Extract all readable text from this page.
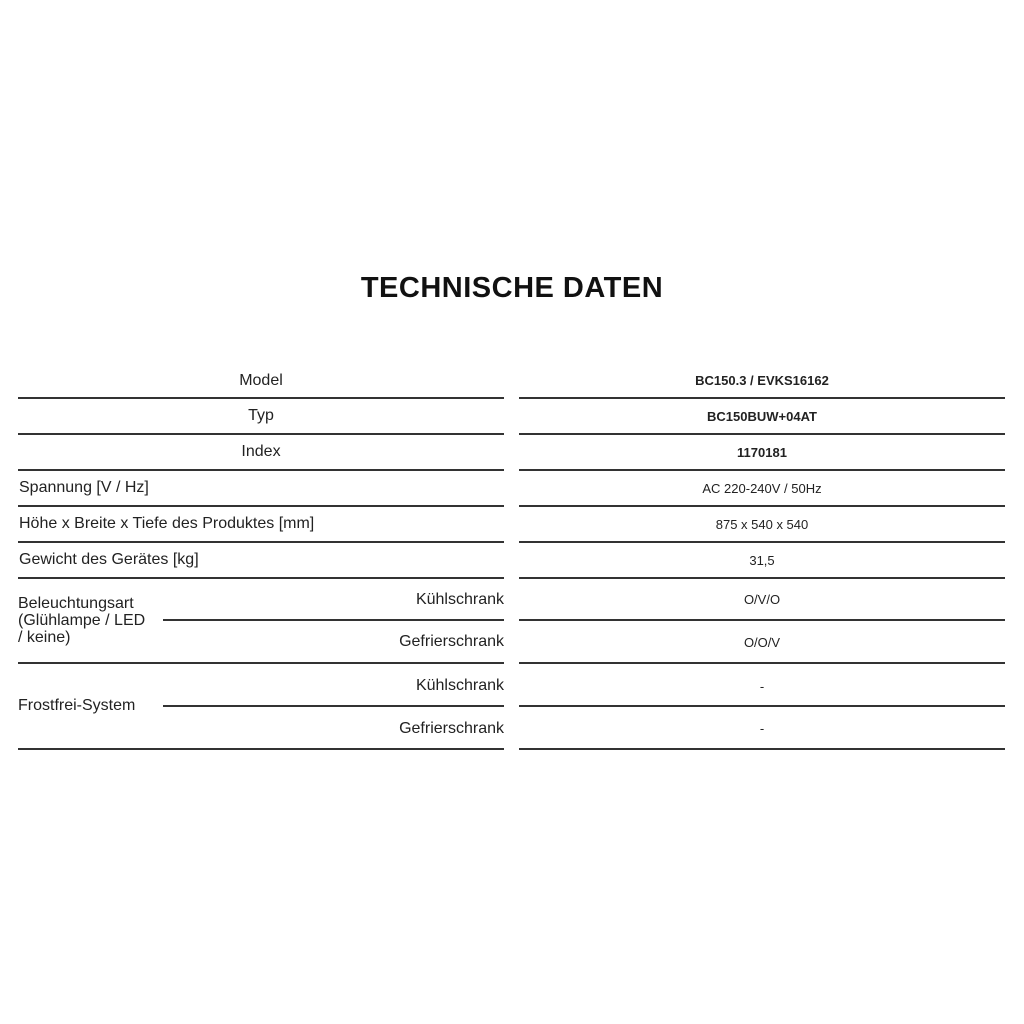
TECHNISCHE DATEN
Model	BC150.3 / EVKS16162
Typ	BC150BUW+04AT
Index	1170181
Spannung [V / Hz]	AC 220-240V / 50Hz
Höhe x Breite x Tiefe des Produktes [mm]	875 x 540 x 540
Gewicht des Gerätes [kg]	31,5
Beleuchtungsart
(Glühlampe / LED
/ keine)
Kühlschrank	O/V/O
Gefrierschrank	O/O/V
Frostfrei-System
Kühlschrank	-
Gefrierschrank	-
